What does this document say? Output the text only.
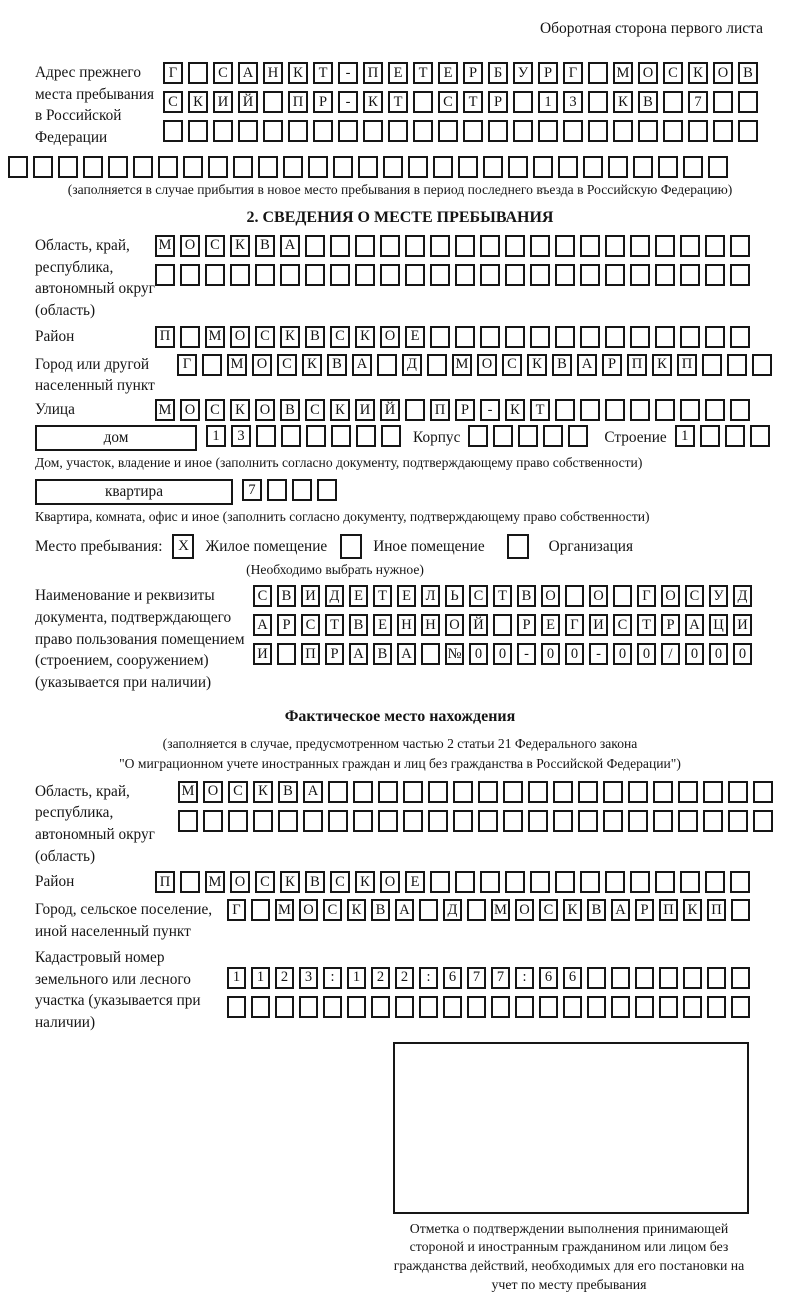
Оборотная сторона первого листа
Адрес прежнего места пребывания в Российской Федерации
Г	С	А	Н	К	Т	-	П	Е	Т	Е	Р	Б	У	Р	Г	М О	С	К	О	В
С	К	И	Й	П	Р	-	К	Т	С	Т	Р	1	3	К	В	7
(заполняется в случае прибытия в новое место пребывания в период последнего въезда в Российскую Федерацию)
2. СВЕДЕНИЯ О МЕСТЕ ПРЕБЫВАНИЯ
Область, край, республика, автономный округ (область)
М О	С	К	В	А
Район	П	М О	С	К	В	С	К	О	Е
Город или другой населенный пункт
Г	М О	С	К	В	А	Д	М О	С	К	В	А	Р	П	К	П
Улица	М О	С	К	О	В	С	К	И	Й	П	Р	-	К	Т
дом	1	3	Корпус	Строение 1
Дом, участок, владение и иное (заполнить согласно документу, подтверждающему право собственности)
квартира	7
Квартира, комната, офис и иное (заполнить согласно документу, подтверждающему право собственности)
Место пребывания:	X	Жилое помещение	Иное помещение	Организация
(Необходимо выбрать нужное)
Наименование и реквизиты документа, подтверждающего право пользования помещением (строением, сооружением) (указывается при наличии)
С В И Д	Е	Т	Е	Л	Ь	С	Т	В О	О	Г	О С У Д
А	Р	С	Т	В	Е Н Н О Й	Р	Е	Г	И С	Т	Р	А Ц И
И	П	Р	А В А № 0	0	-	0	0	-	0	0	/	0	0	0
Фактическое место нахождения
(заполняется в случае, предусмотренном частью 2 статьи 21 Федерального закона
"О миграционном учете иностранных граждан и лиц без гражданства в Российской Федерации")
Область, край, республика, автономный округ (область)
М О	С	К	В	А
Район	П	М О	С	К	В	С	К	О	Е
Город, сельское поселение, иной населенный пункт
Г	М О С К В А	Д	М О С К В А	Р	П К П
Кадастровый номер земельного или лесного участка (указывается при наличии)
1	1	2	3	:	1	2	2	:	6	7	7	:	6	6
Отметка о подтверждении выполнения принимающей стороной и иностранным гражданином или лицом без гражданства действий, необходимых для его постановки на учет по месту пребывания
